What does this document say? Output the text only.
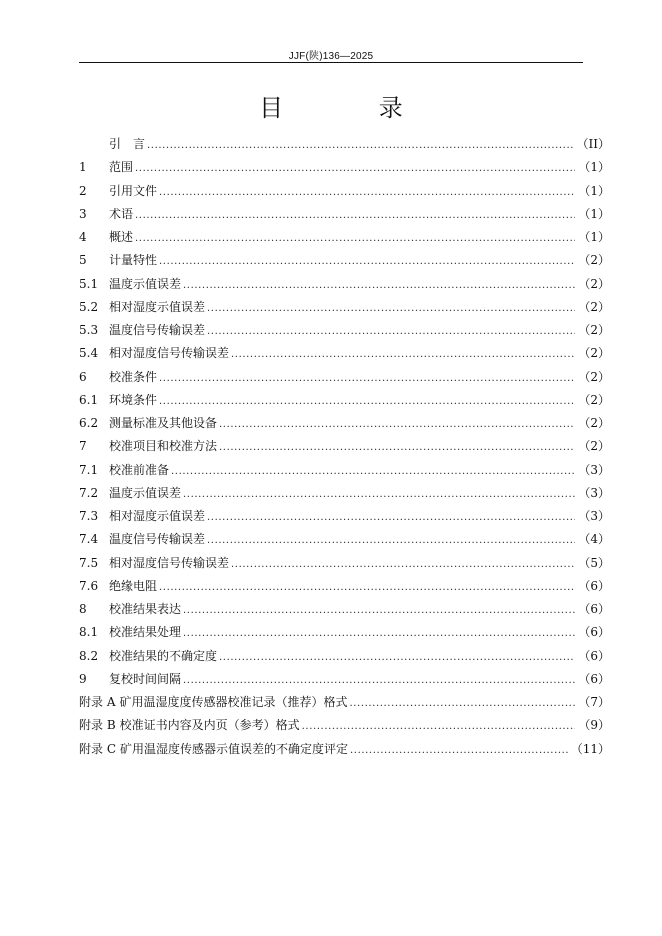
JJF(陕)136—2025
目 录
引　言 .....	（II）
1	范围 .....	（1）
2	引用文件 .....	（1）
3	术语 .....	（1）
4	概述 .....	（1）
5	计量特性 .....	（2）
5.1 温度示值误差 .....	（2）
5.2 相对湿度示值误差 .....	（2）
5.3 温度信号传输误差 .....	（2）
5.4 相对湿度信号传输误差 .....	（2）
6	校准条件 .....	（2）
6.1 环境条件 .....	（2）
6.2 测量标准及其他设备 .....	（2）
7	校准项目和校准方法 .....	（2）
7.1 校准前准备 .....	（3）
7.2 温度示值误差 .....	（3）
7.3 相对湿度示值误差 .....	（3）
7.4 温度信号传输误差 .....	（4）
7.5 相对湿度信号传输误差 .....	（5）
7.6 绝缘电阻 .....	（6）
8	校准结果表达 .....	（6）
8.1 校准结果处理 .....	（6）
8.2 校准结果的不确定度 .....	（6）
9	复校时间间隔 .....	（6）
附录 A 矿用温湿度度传感器校准记录（推荐）格式 .....	（7）
附录 B 校准证书内容及内页（参考）格式 .....	（9）
附录 C 矿用温湿度传感器示值误差的不确定度评定 .....	（11）
